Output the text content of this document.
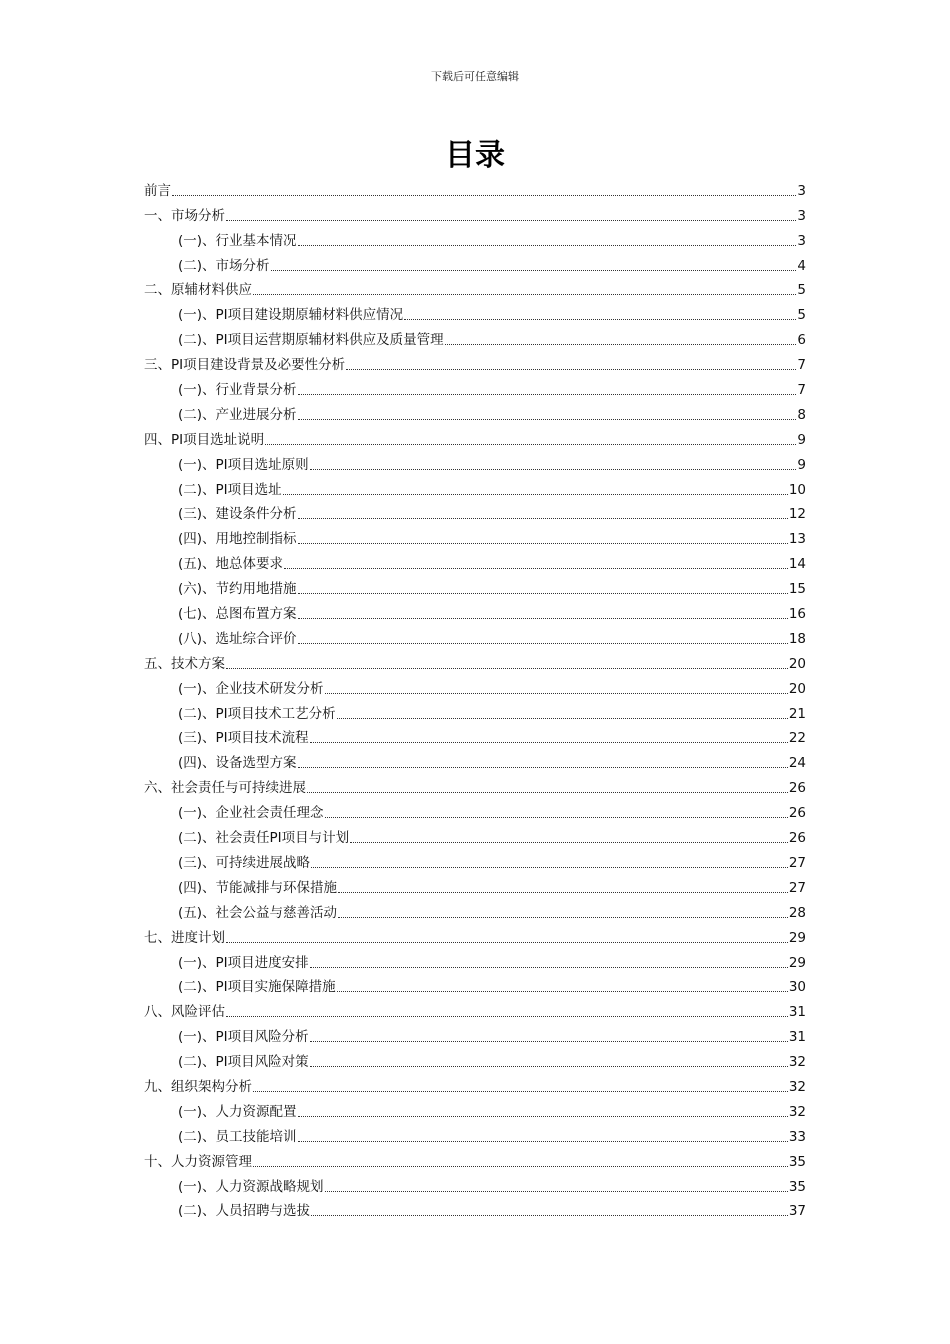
下载后可任意编辑
目录
前言	3
一、市场分析	3
(一)、行业基本情况	3
(二)、市场分析	4
二、原辅材料供应	5
(一)、PI项目建设期原辅材料供应情况	5
(二)、PI项目运营期原辅材料供应及质量管理	6
三、PI项目建设背景及必要性分析	7
(一)、行业背景分析	7
(二)、产业进展分析	8
四、PI项目选址说明	9
(一)、PI项目选址原则	9
(二)、PI项目选址	10
(三)、建设条件分析	12
(四)、用地控制指标	13
(五)、地总体要求	14
(六)、节约用地措施	15
(七)、总图布置方案	16
(八)、选址综合评价	18
五、技术方案	20
(一)、企业技术研发分析	20
(二)、PI项目技术工艺分析	21
(三)、PI项目技术流程	22
(四)、设备选型方案	24
六、社会责任与可持续进展	26
(一)、企业社会责任理念	26
(二)、社会责任PI项目与计划	26
(三)、可持续进展战略	27
(四)、节能减排与环保措施	27
(五)、社会公益与慈善活动	28
七、进度计划	29
(一)、PI项目进度安排	29
(二)、PI项目实施保障措施	30
八、风险评估	31
(一)、PI项目风险分析	31
(二)、PI项目风险对策	32
九、组织架构分析	32
(一)、人力资源配置	32
(二)、员工技能培训	33
十、人力资源管理	35
(一)、人力资源战略规划	35
(二)、人员招聘与选拔	37
